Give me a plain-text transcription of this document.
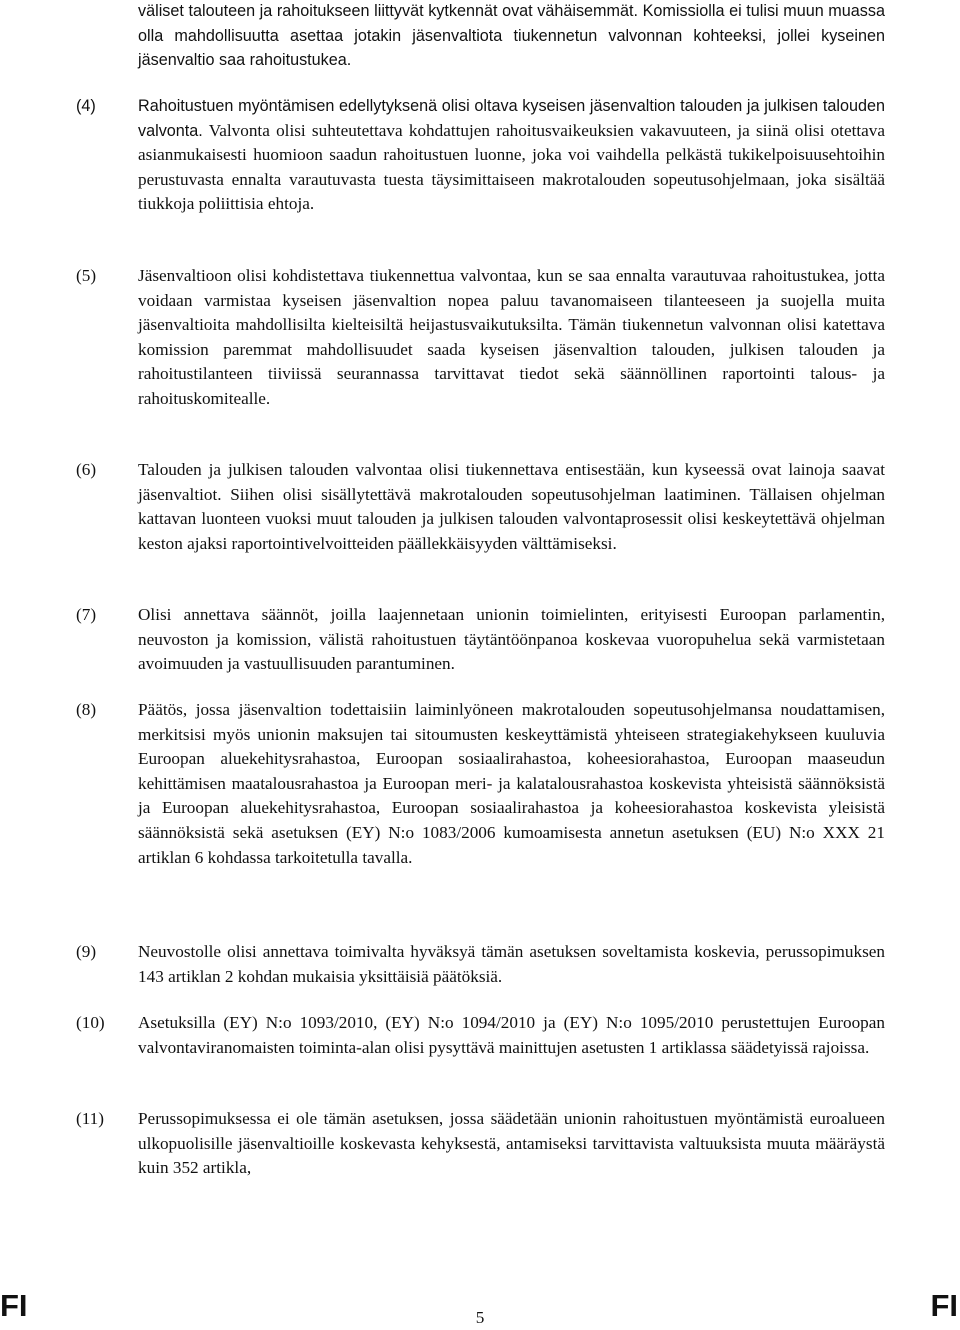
väliset talouteen ja rahoitukseen liittyvät kytkennät ovat vähäisemmät. Komissiolla ei tulisi muun muassa olla mahdollisuutta asettaa jotakin jäsenvaltiota tiukennetun valvonnan kohteeksi, jollei kyseinen jäsenvaltio saa rahoitustukea.

(4)	Rahoitustuen myöntämisen edellytyksenä olisi oltava kyseisen jäsenvaltion talouden ja julkisen talouden valvonta. Valvonta olisi suhteutettava kohdattujen rahoitusvaikeuksien vakavuuteen, ja siinä olisi otettava asianmukaisesti huomioon saadun rahoitustuen luonne, joka voi vaihdella pelkästä tukikelpoisuusehtoihin perustuvasta ennalta varautuvasta tuesta täysimittaiseen makrotalouden sopeutusohjelmaan, joka sisältää tiukkoja poliittisia ehtoja.

(5) Jäsenvaltioon olisi kohdistettava tiukennettua valvontaa, kun se saa ennalta varautuvaa rahoitustukea, jotta voidaan varmistaa kyseisen jäsenvaltion nopea paluu tavanomaiseen tilanteeseen ja suojella muita jäsenvaltioita mahdollisilta kielteisiltä heijastusvaikutuksilta. Tämän tiukennetun valvonnan olisi katettava komission paremmat mahdollisuudet saada kyseisen jäsenvaltion talouden, julkisen talouden ja rahoitustilanteen tiiviissä seurannassa tarvittavat tiedot sekä säännöllinen raportointi talous- ja rahoituskomitealle.

(6) Talouden ja julkisen talouden valvontaa olisi tiukennettava entisestään, kun kyseessä ovat lainoja saavat jäsenvaltiot. Siihen olisi sisällytettävä makrotalouden sopeutusohjelman laatiminen. Tällaisen ohjelman kattavan luonteen vuoksi muut talouden ja julkisen talouden valvontaprosessit olisi keskeytettävä ohjelman keston ajaksi raportointivelvoitteiden päällekkäisyyden välttämiseksi.

(7) Olisi annettava säännöt, joilla laajennetaan unionin toimielinten, erityisesti Euroopan parlamentin, neuvoston ja komission, välistä rahoitustuen täytäntöönpanoa koskevaa vuoropuhelua sekä varmistetaan avoimuuden ja vastuullisuuden parantuminen.

(8) Päätös, jossa jäsenvaltion todettaisiin laiminlyöneen makrotalouden sopeutusohjelmansa noudattamisen, merkitsisi myös unionin maksujen tai sitoumusten keskeyttämistä yhteiseen strategiakehykseen kuuluvia Euroopan aluekehitysrahastoa, Euroopan sosiaalirahastoa, koheesiorahastoa, Euroopan maaseudun kehittämisen maatalousrahastoa ja Euroopan meri- ja kalatalousrahastoa koskevista yhteisistä säännöksistä ja Euroopan aluekehitysrahastoa, Euroopan sosiaalirahastoa ja koheesiorahastoa koskevista yleisistä säännöksistä sekä asetuksen (EY) N:o 1083/2006 kumoamisesta annetun asetuksen (EU) N:o XXX 21 artiklan 6 kohdassa tarkoitetulla tavalla.

(9) Neuvostolle olisi annettava toimivalta hyväksyä tämän asetuksen soveltamista koskevia, perussopimuksen 143 artiklan 2 kohdan mukaisia yksittäisiä päätöksiä.

(10) Asetuksilla (EY) N:o 1093/2010, (EY) N:o 1094/2010 ja (EY) N:o 1095/2010 perustettujen Euroopan valvontaviranomaisten toiminta-alan olisi pysyttävä mainittujen asetusten 1 artiklassa säädetyissä rajoissa.

(11) Perussopimuksessa ei ole tämän asetuksen, jossa säädetään unionin rahoitustuen myöntämistä euroalueen ulkopuolisille jäsenvaltioille koskevasta kehyksestä, antamiseksi tarvittavista valtuuksista muuta määräystä kuin 352 artikla,

FI	5	FI
